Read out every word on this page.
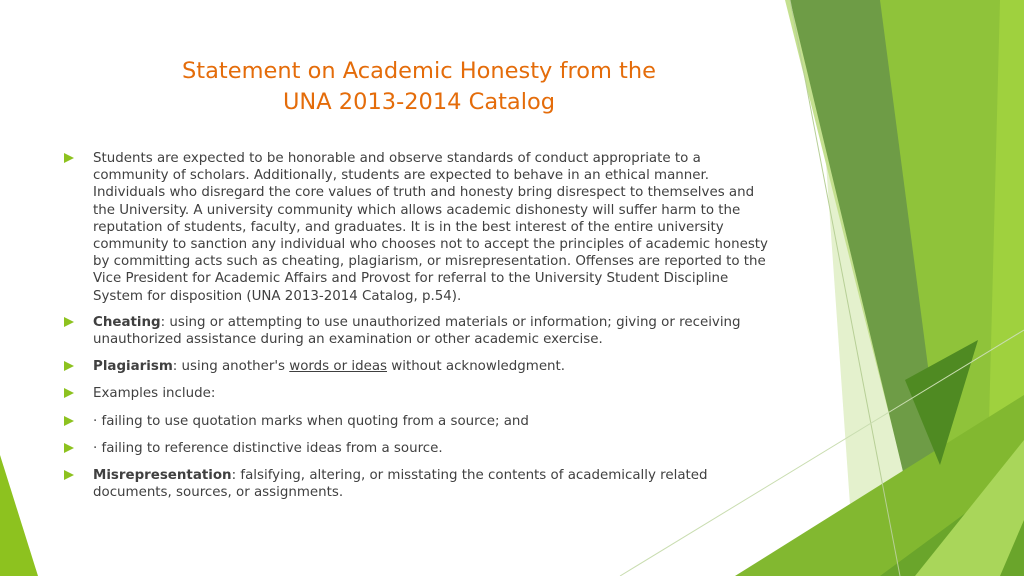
Statement on Academic Honesty from the
UNA 2013-2014 Catalog
Students are expected to be honorable and observe standards of conduct appropriate to a community of scholars. Additionally, students are expected to behave in an ethical manner. Individuals who disregard the core values of truth and honesty bring disrespect to themselves and the University. A university community which allows academic dishonesty will suffer harm to the reputation of students, faculty, and graduates. It is in the best interest of the entire university community to sanction any individual who chooses not to accept the principles of academic honesty by committing acts such as cheating, plagiarism, or misrepresentation. Offenses are reported to the Vice President for Academic Affairs and Provost for referral to the University Student Discipline System for disposition (UNA 2013-2014 Catalog, p.54).
Cheating: using or attempting to use unauthorized materials or information; giving or receiving unauthorized assistance during an examination or other academic exercise.
Plagiarism: using another's words or ideas without acknowledgment.
Examples include:
· failing to use quotation marks when quoting from a source; and
· failing to reference distinctive ideas from a source.
Misrepresentation: falsifying, altering, or misstating the contents of academically related documents, sources, or assignments.
